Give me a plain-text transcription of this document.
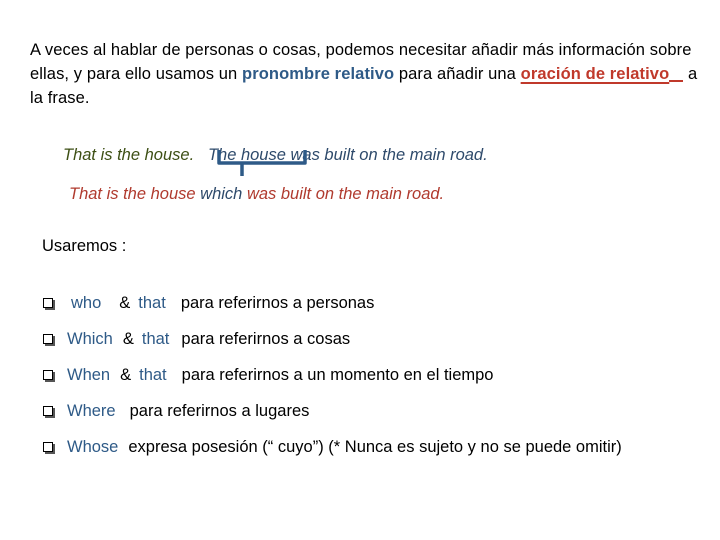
A veces al hablar de personas o cosas, podemos necesitar añadir más información sobre ellas, y para ello usamos un pronombre relativo para añadir una oración de relativo a la frase.

That is the house. The house was built on the main road.
That is the house which was built on the main road.
Usaremos :
who & that para referirnos a personas
Which & that para referirnos a cosas
When & that para referirnos a un momento en el tiempo
Where para referirnos a lugares
Whose expresa posesión (“ cuyo”) (* Nunca es sujeto y no se puede omitir)
